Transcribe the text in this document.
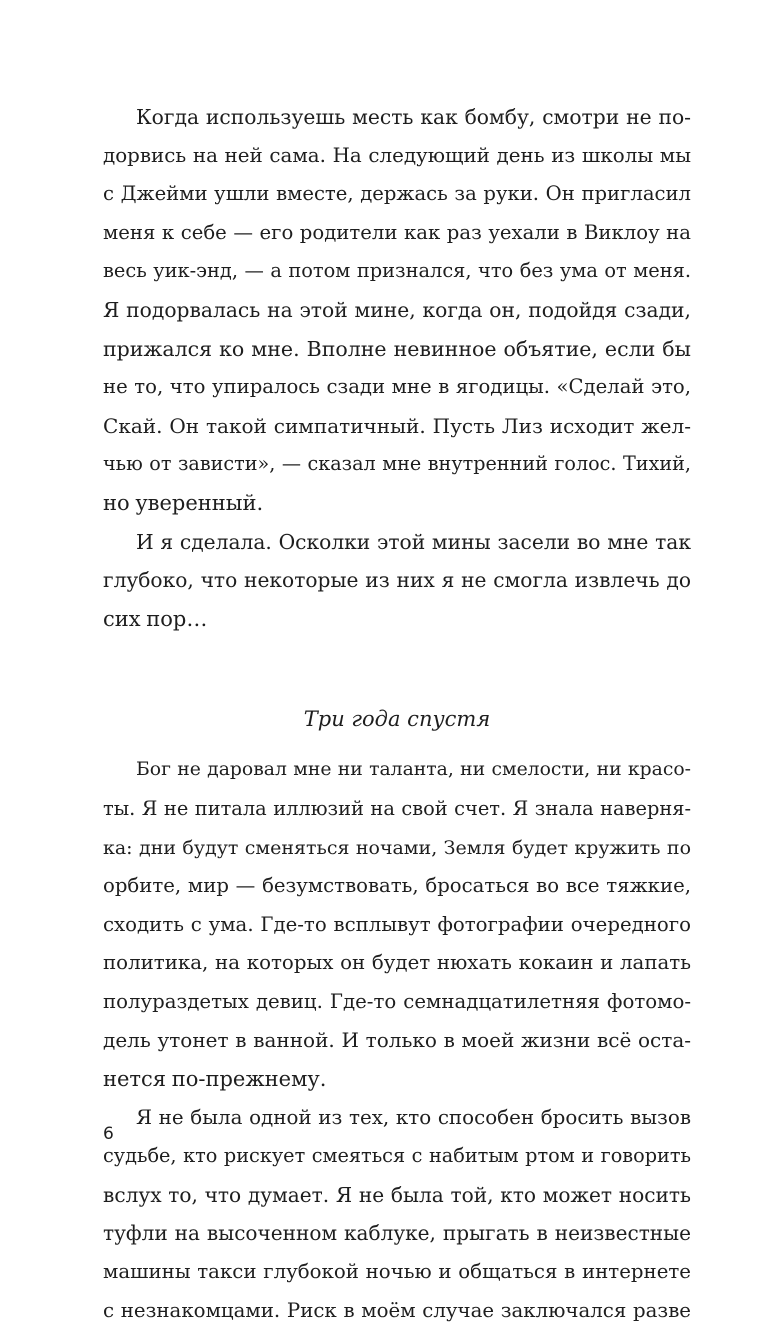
Когда используешь месть как бомбу, смотри не по-
дорвись на ней сама. На следующий день из школы мы
с Джейми ушли вместе, держась за руки. Он пригласил
меня к себе — его родители как раз уехали в Виклоу на
весь уик-энд, — а потом признался, что без ума от меня.
Я подорвалась на этой мине, когда он, подойдя сзади,
прижался ко мне. Вполне невинное объятие, если бы
не то, что упиралось сзади мне в ягодицы. «Сделай это,
Скай. Он такой симпатичный. Пусть Лиз исходит жел-
чью от зависти», — сказал мне внутренний голос. Тихий,
но уверенный.
И я сделала. Осколки этой мины засели во мне так
глубоко, что некоторые из них я не смогла извлечь до
сих пор…
Три года спустя
Бог не даровал мне ни таланта, ни смелости, ни красо-
ты. Я не питала иллюзий на свой счет. Я знала наверня-
ка: дни будут сменяться ночами, Земля будет кружить по
орбите, мир — безумствовать, бросаться во все тяжкие,
сходить с ума. Где-то всплывут фотографии очередного
политика, на которых он будет нюхать кокаин и лапать
полураздетых девиц. Где-то семнадцатилетняя фотомо-
дель утонет в ванной. И только в моей жизни всё оста-
нется по-прежнему.
Я не была одной из тех, кто способен бросить вызов
судьбе, кто рискует смеяться с набитым ртом и говорить
вслух то, что думает. Я не была той, кто может носить
туфли на высоченном каблуке, прыгать в неизвестные
машины такси глубокой ночью и общаться в интернете
с незнакомцами. Риск в моём случае заключался разве
6
